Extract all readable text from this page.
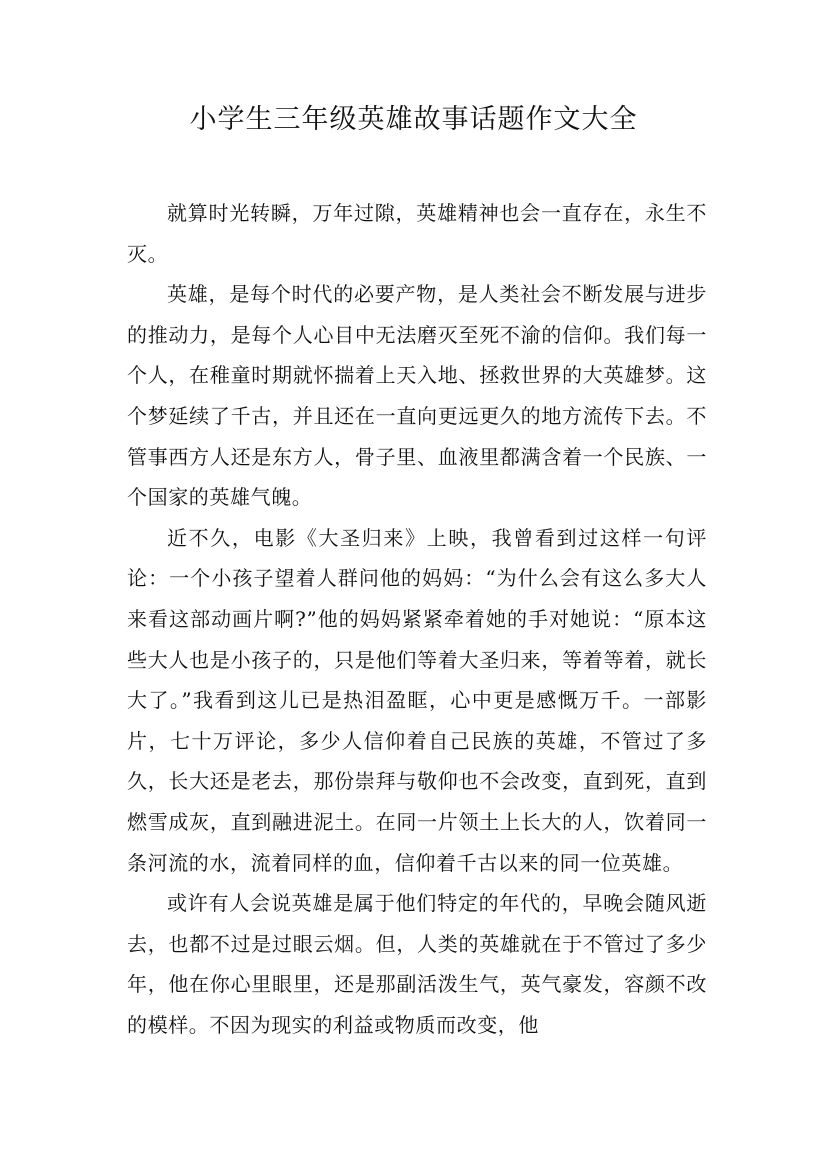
小学生三年级英雄故事话题作文大全

就算时光转瞬，万年过隙，英雄精神也会一直存在，永生不灭。

英雄，是每个时代的必要产物，是人类社会不断发展与进步的推动力，是每个人心目中无法磨灭至死不渝的信仰。我们每一个人，在稚童时期就怀揣着上天入地、拯救世界的大英雄梦。这个梦延续了千古，并且还在一直向更远更久的地方流传下去。不管事西方人还是东方人，骨子里、血液里都满含着一个民族、一个国家的英雄气魄。

近不久，电影《大圣归来》上映，我曾看到过这样一句评论：一个小孩子望着人群问他的妈妈：“为什么会有这么多大人来看这部动画片啊?”他的妈妈紧紧牵着她的手对她说：“原本这些大人也是小孩子的，只是他们等着大圣归来，等着等着，就长大了。”我看到这儿已是热泪盈眶，心中更是感慨万千。一部影片，七十万评论，多少人信仰着自己民族的英雄，不管过了多久，长大还是老去，那份崇拜与敬仰也不会改变，直到死，直到燃雪成灰，直到融进泥土。在同一片领土上长大的人，饮着同一条河流的水，流着同样的血，信仰着千古以来的同一位英雄。

或许有人会说英雄是属于他们特定的年代的，早晚会随风逝去，也都不过是过眼云烟。但，人类的英雄就在于不管过了多少年，他在你心里眼里，还是那副活泼生气，英气豪发，容颜不改的模样。不因为现实的利益或物质而改变，他
